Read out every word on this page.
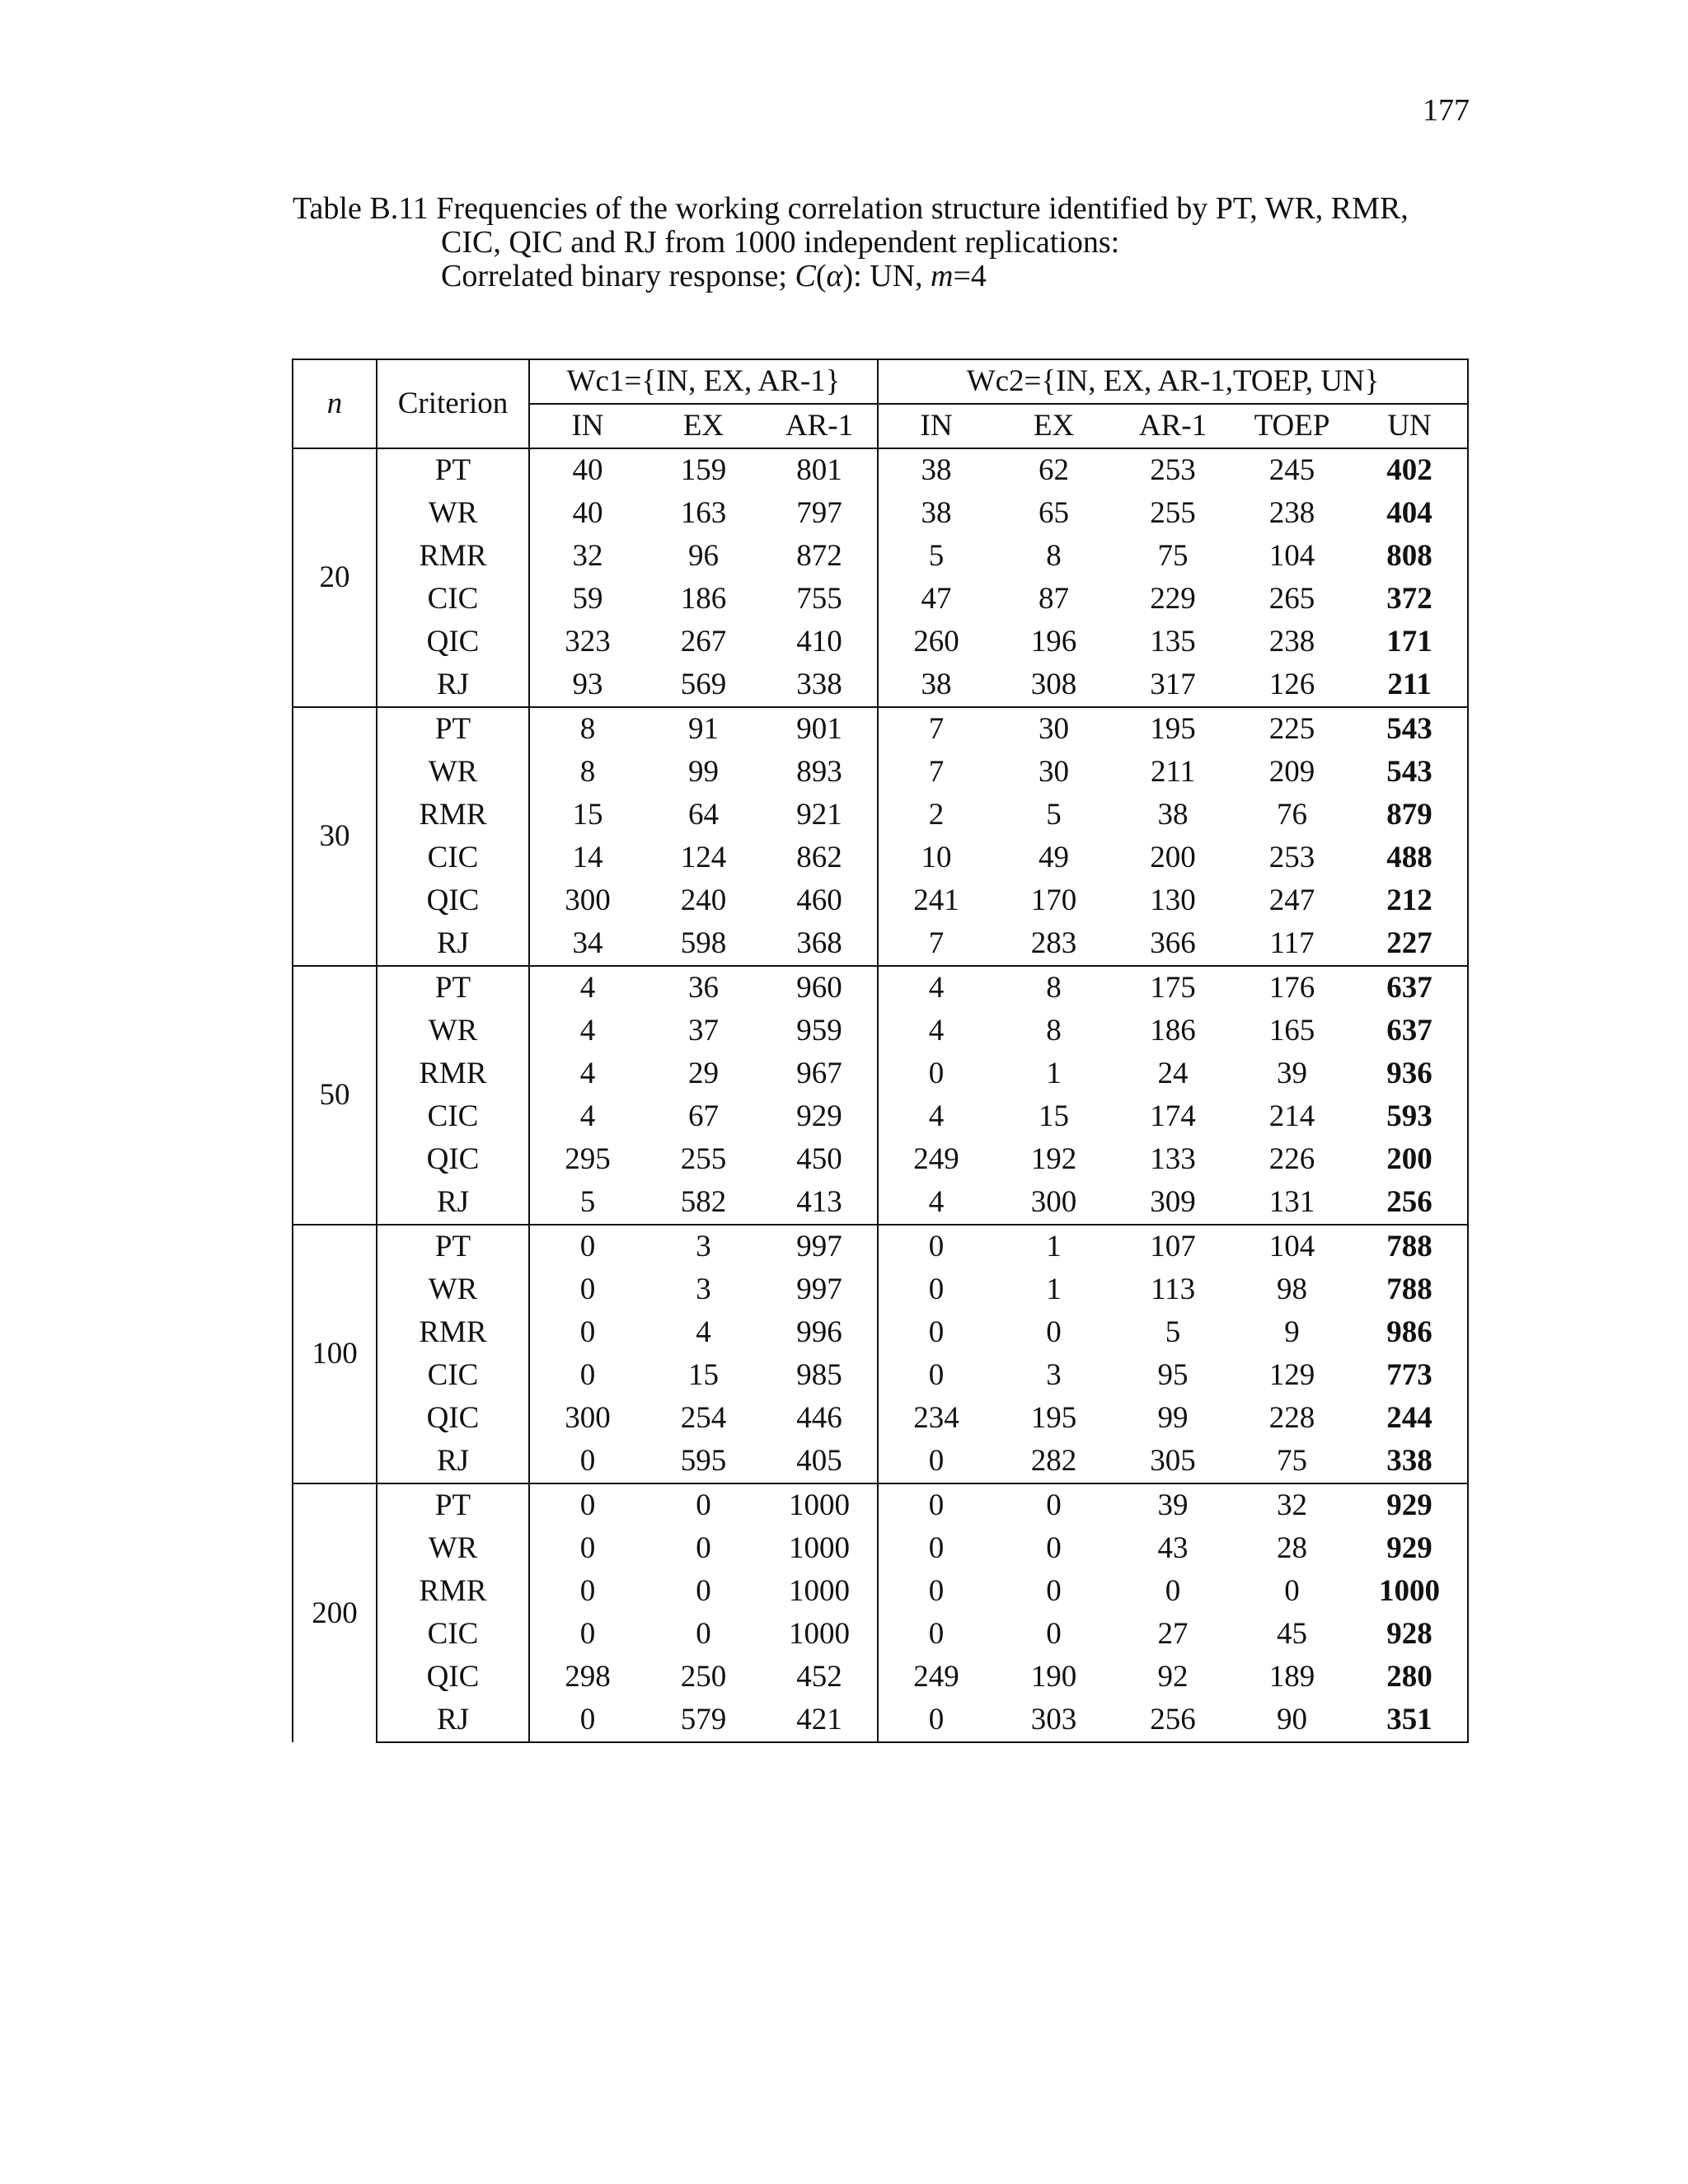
177
Table B.11 Frequencies of the working correlation structure identified by PT, WR, RMR,
CIC, QIC and RJ from 1000 independent replications:
Correlated binary response; C(α): UN, m=4
n	Criterion	Wc1={IN, EX, AR-1}			Wc2={IN, EX, AR-1,TOEP, UN}				
		IN	EX	AR-1	IN	EX	AR-1	TOEP	UN
20	PT	40	159	801	38	62	253	245	402
	WR	40	163	797	38	65	255	238	404
	RMR	32	96	872	5	8	75	104	808
	CIC	59	186	755	47	87	229	265	372
	QIC	323	267	410	260	196	135	238	171
	RJ	93	569	338	38	308	317	126	211
30	PT	8	91	901	7	30	195	225	543
	WR	8	99	893	7	30	211	209	543
	RMR	15	64	921	2	5	38	76	879
	CIC	14	124	862	10	49	200	253	488
	QIC	300	240	460	241	170	130	247	212
	RJ	34	598	368	7	283	366	117	227
50	PT	4	36	960	4	8	175	176	637
	WR	4	37	959	4	8	186	165	637
	RMR	4	29	967	0	1	24	39	936
	CIC	4	67	929	4	15	174	214	593
	QIC	295	255	450	249	192	133	226	200
	RJ	5	582	413	4	300	309	131	256
100	PT	0	3	997	0	1	107	104	788
	WR	0	3	997	0	1	113	98	788
	RMR	0	4	996	0	0	5	9	986
	CIC	0	15	985	0	3	95	129	773
	QIC	300	254	446	234	195	99	228	244
	RJ	0	595	405	0	282	305	75	338
200	PT	0	0	1000	0	0	39	32	929
	WR	0	0	1000	0	0	43	28	929
	RMR	0	0	1000	0	0	0	0	1000
	CIC	0	0	1000	0	0	27	45	928
	QIC	298	250	452	249	190	92	189	280
	RJ	0	579	421	0	303	256	90	351
